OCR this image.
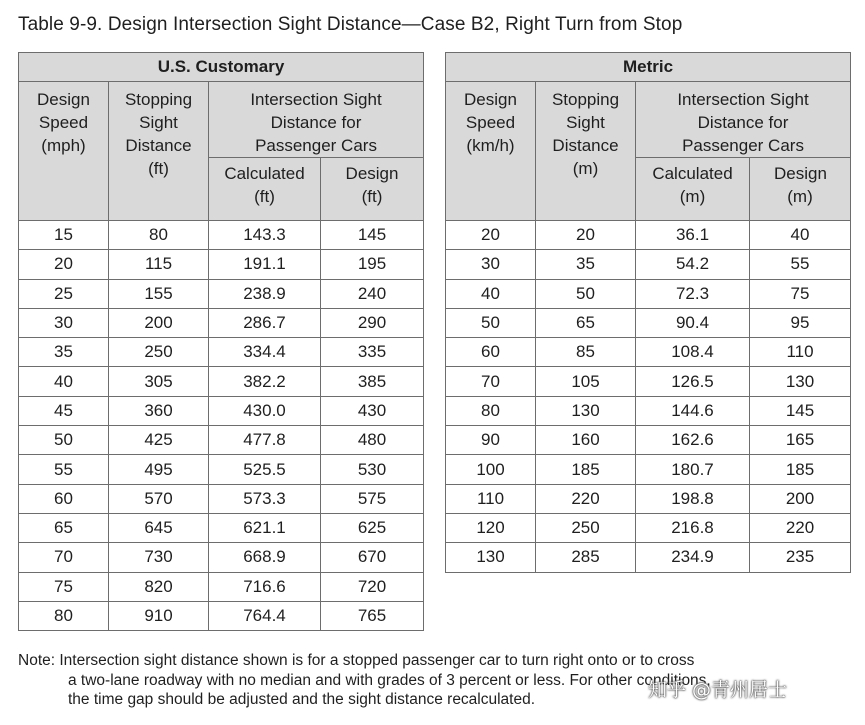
Table 9-9. Design Intersection Sight Distance—Case B2, Right Turn from Stop
U.S. Customary			

Design Speed (mph)	Stopping Sight Distance (ft)	Intersection Sight Distance for Passenger Cars	

		Calculated (ft)	Design (ft)

15	80	143.3	145
20	115	191.1	195
25	155	238.9	240
30	200	286.7	290
35	250	334.4	335
40	305	382.2	385
45	360	430.0	430
50	425	477.8	480
55	495	525.5	530
60	570	573.3	575
65	645	621.1	625
70	730	668.9	670
75	820	716.6	720
80	910	764.4	765
Metric			

Design Speed (km/h)	Stopping Sight Distance (m)	Intersection Sight Distance for Passenger Cars	

		Calculated (m)	Design (m)

20	20	36.1	40
30	35	54.2	55
40	50	72.3	75
50	65	90.4	95
60	85	108.4	110
70	105	126.5	130
80	130	144.6	145
90	160	162.6	165
100	185	180.7	185
110	220	198.8	200
120	250	216.8	220
130	285	234.9	235
Note: Intersection sight distance shown is for a stopped passenger car to turn right onto or to cross
a two-lane roadway with no median and with grades of 3 percent or less. For other conditions,
the time gap should be adjusted and the sight distance recalculated.	知乎 @青州居士
